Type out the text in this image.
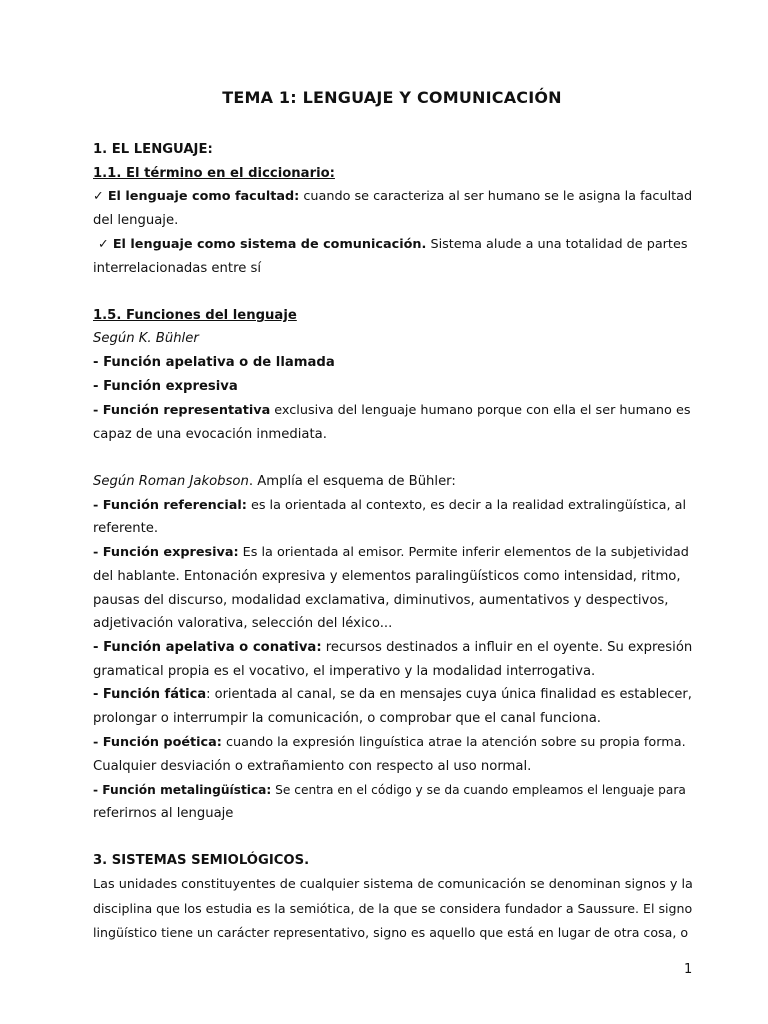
TEMA 1: LENGUAJE Y COMUNICACIÓN
1. EL LENGUAJE:
1.1. El término en el diccionario:
✓ El lenguaje como facultad: cuando se caracteriza al ser humano se le asigna la facultad
del lenguaje.
✓ El lenguaje como sistema de comunicación. Sistema alude a una totalidad de partes
interrelacionadas entre sí
1.5. Funciones del lenguaje
Según K. Bühler
- Función apelativa o de llamada
- Función expresiva
- Función representativa exclusiva del lenguaje humano porque con ella el ser humano es
capaz de una evocación inmediata.
Según Roman Jakobson. Amplía el esquema de Bühler:
- Función referencial: es la orientada al contexto, es decir a la realidad extralingüística, al
referente.
- Función expresiva: Es la orientada al emisor. Permite inferir elementos de la subjetividad
del hablante. Entonación expresiva y elementos paralingüísticos como intensidad, ritmo,
pausas del discurso, modalidad exclamativa, diminutivos, aumentativos y despectivos,
adjetivación valorativa, selección del léxico...
- Función apelativa o conativa: recursos destinados a influir en el oyente. Su expresión
gramatical propia es el vocativo, el imperativo y la modalidad interrogativa.
- Función fática: orientada al canal, se da en mensajes cuya única finalidad es establecer,
prolongar o interrumpir la comunicación, o comprobar que el canal funciona.
- Función poética: cuando la expresión linguística atrae la atención sobre su propia forma.
Cualquier desviación o extrañamiento con respecto al uso normal.
- Función metalingüística: Se centra en el código y se da cuando empleamos el lenguaje para
referirnos al lenguaje
3. SISTEMAS SEMIOLÓGICOS.
Las unidades constituyentes de cualquier sistema de comunicación se denominan signos y la
disciplina que los estudia es la semiótica, de la que se considera fundador a Saussure. El signo
lingüístico tiene un carácter representativo, signo es aquello que está en lugar de otra cosa, o
1
